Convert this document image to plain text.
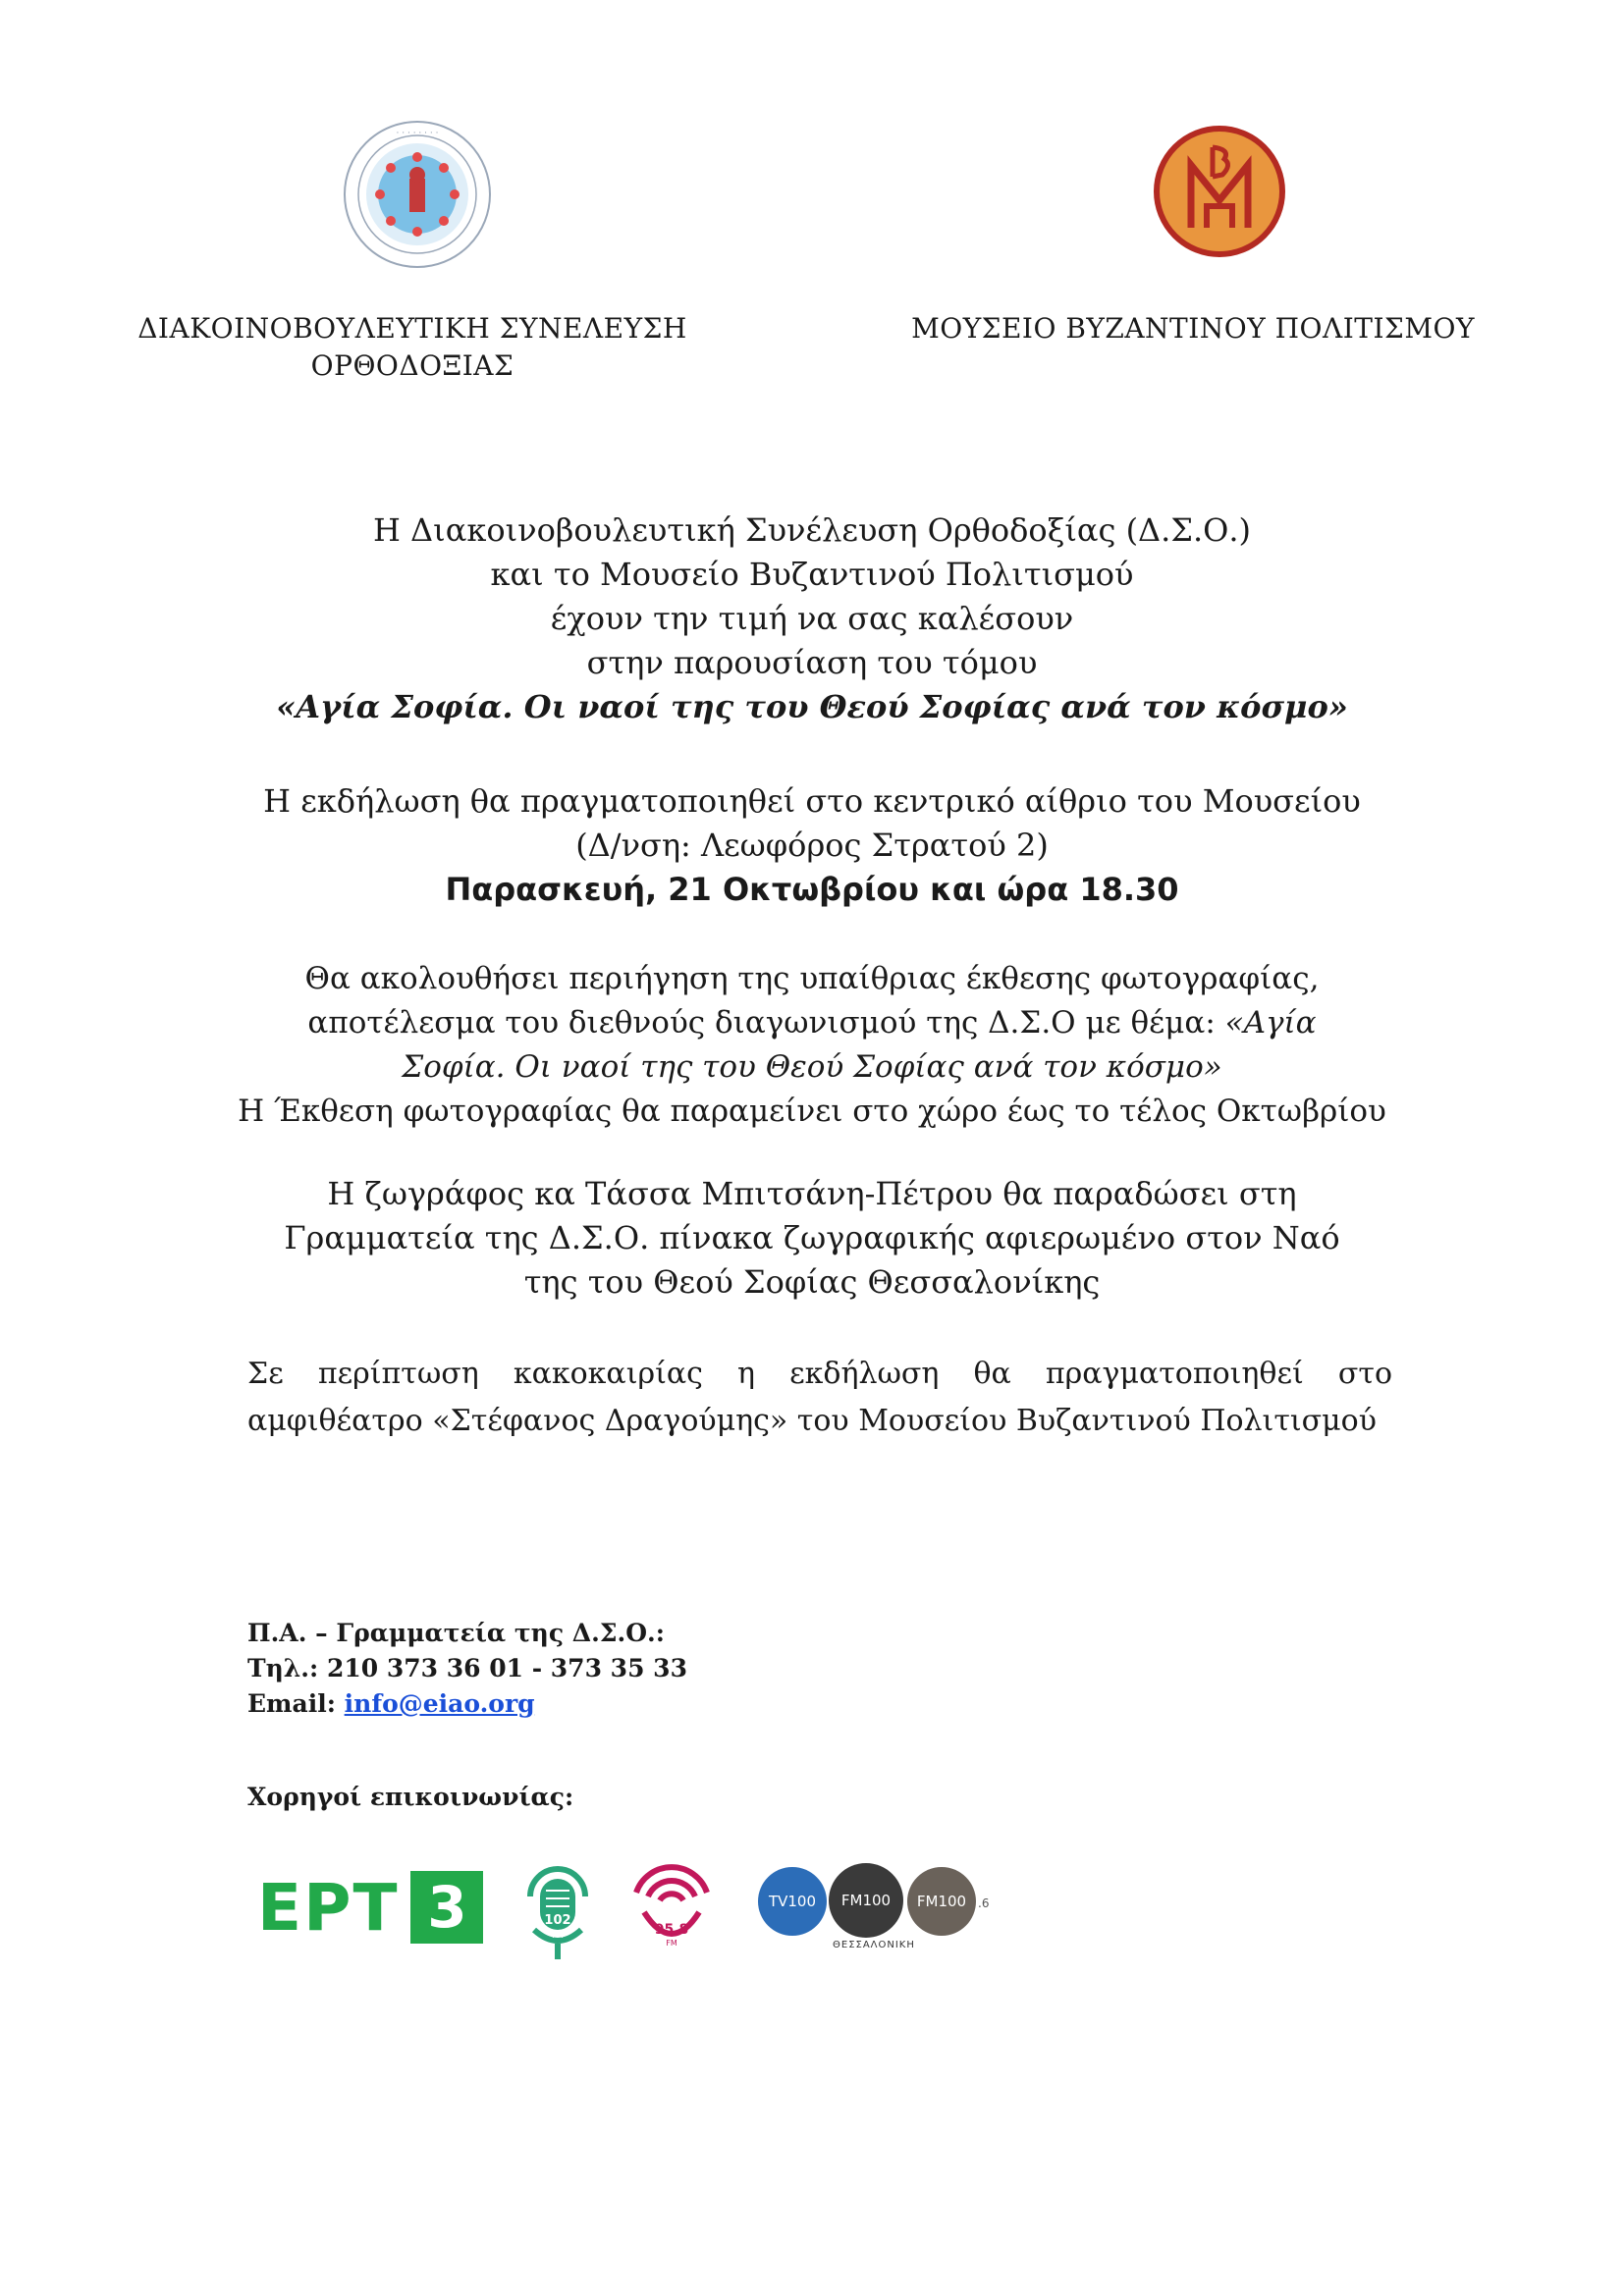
· · · · · · · ·
ΔΙΑΚΟΙΝΟΒΟΥΛΕΥΤΙΚΗ ΣΥΝΕΛΕΥΣΗ ΟΡΘΟΔΟΞΙΑΣ
ΜΟΥΣΕΙΟ ΒΥΖΑΝΤΙΝΟΥ ΠΟΛΙΤΙΣΜΟΥ
Η Διακοινοβουλευτική Συνέλευση Ορθοδοξίας (Δ.Σ.Ο.)
και το Μουσείο Βυζαντινού Πολιτισμού
έχουν την τιμή να σας καλέσουν
στην παρουσίαση του τόμου
«Αγία Σοφία. Οι ναοί της του Θεού Σοφίας ανά τον κόσμο»
Η εκδήλωση θα πραγματοποιηθεί στο κεντρικό αίθριο του Μουσείου
(Δ/νση: Λεωφόρος Στρατού 2)
Παρασκευή, 21 Οκτωβρίου και ώρα 18.30
Θα ακολουθήσει περιήγηση της υπαίθριας έκθεσης φωτογραφίας,
αποτέλεσμα του διεθνούς διαγωνισμού της Δ.Σ.Ο με θέμα: «Αγία
Σοφία. Οι ναοί της του Θεού Σοφίας ανά τον κόσμο»
Η Έκθεση φωτογραφίας θα παραμείνει στο χώρο έως το τέλος Οκτωβρίου
Η ζωγράφος κα Τάσσα Μπιτσάνη-Πέτρου θα παραδώσει στη
Γραμματεία της Δ.Σ.Ο. πίνακα ζωγραφικής αφιερωμένο στον Ναό
της του Θεού Σοφίας Θεσσαλονίκης
Σε περίπτωση κακοκαιρίας η εκδήλωση θα πραγματοποιηθεί στο αμφιθέατρο «Στέφανος Δραγούμης» του Μουσείου Βυζαντινού Πολιτισμού
Π.Α. – Γραμματεία της Δ.Σ.Ο.:
Τηλ.: 210 373 36 01 - 373 35 33
Email: info@eiao.org
Χορηγοί επικοινωνίας:
ΕΡΤ 3	102
FM	95.8
FM
TV100	FM100	FM100 .6
ΘΕΣΣΑΛΟΝΙΚΗ
